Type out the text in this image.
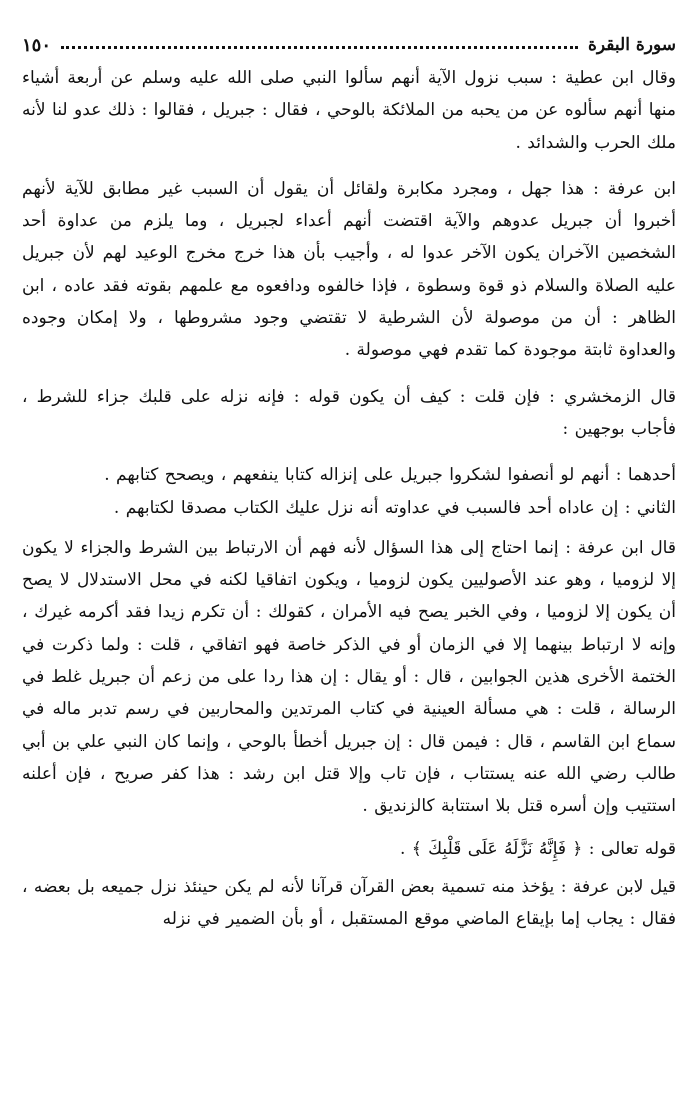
سورة البقرة
١٥٠

وقال ابن عطية : سبب نزول الآية أنهم سألوا النبي صلى الله عليه وسلم عن أربعة أشياء منها أنهم سألوه عن من يحبه من الملائكة بالوحي ، فقال : جبريل ، فقالوا : ذلك عدو لنا لأنه ملك الحرب والشدائد .

ابن عرفة : هذا جهل ، ومجرد مكابرة ولقائل أن يقول أن السبب غير مطابق للآية لأنهم أخبروا أن جبريل عدوهم والآية اقتضت أنهم أعداء لجبريل ، وما يلزم من عداوة أحد الشخصين الآخران يكون الآخر عدوا له ، وأجيب بأن هذا خرج مخرج الوعيد لهم لأن جبريل عليه الصلاة والسلام ذو قوة وسطوة ، فإذا خالفوه ودافعوه مع علمهم بقوته فقد عاده ، ابن الظاهر : أن من موصولة لأن الشرطية لا تقتضي وجود مشروطها ، ولا إمكان وجوده والعداوة ثابتة موجودة كما تقدم فهي موصولة .

قال الزمخشري : فإن قلت : كيف أن يكون قوله : فإنه نزله على قلبك جزاء للشرط ، فأجاب بوجهين :

أحدهما : أنهم لو أنصفوا لشكروا جبريل على إنزاله كتابا ينفعهم ، ويصحح كتابهم .

الثاني : إن عاداه أحد فالسبب في عداوته أنه نزل عليك الكتاب مصدقا لكتابهم .

قال ابن عرفة : إنما احتاج إلى هذا السؤال لأنه فهم أن الارتباط بين الشرط والجزاء لا يكون إلا لزوميا ، وهو عند الأصوليين يكون لزوميا ، ويكون اتفاقيا لكنه في محل الاستدلال لا يصح أن يكون إلا لزوميا ، وفي الخبر يصح فيه الأمران ، كقولك : أن تكرم زيدا فقد أكرمه غيرك ، وإنه لا ارتباط بينهما إلا في الزمان أو في الذكر خاصة فهو اتفاقي ، قلت : ولما ذكرت في الختمة الأخرى هذين الجوابين ، قال : أو يقال : إن هذا ردا على من زعم أن جبريل غلط في الرسالة ، قلت : هي مسألة العينية في كتاب المرتدين والمحاربين في رسم تدبر ماله في سماع ابن القاسم ، قال : فيمن قال : إن جبريل أخطأ بالوحي ، وإنما كان النبي علي بن أبي طالب رضي الله عنه يستتاب ، فإن تاب وإلا قتل ابن رشد : هذا كفر صريح ، فإن أعلنه استتيب وإن أسره قتل بلا استتابة كالزنديق .

قوله تعالى : ﴿ فَإِنَّهُ نَزَّلَهُ عَلَى قَلْبِكَ ﴾ .

قيل لابن عرفة : يؤخذ منه تسمية بعض القرآن قرآنا لأنه لم يكن حينئذ نزل جميعه بل بعضه ، فقال : يجاب إما بإيقاع الماضي موقع المستقبل ، أو بأن الضمير في نزله
